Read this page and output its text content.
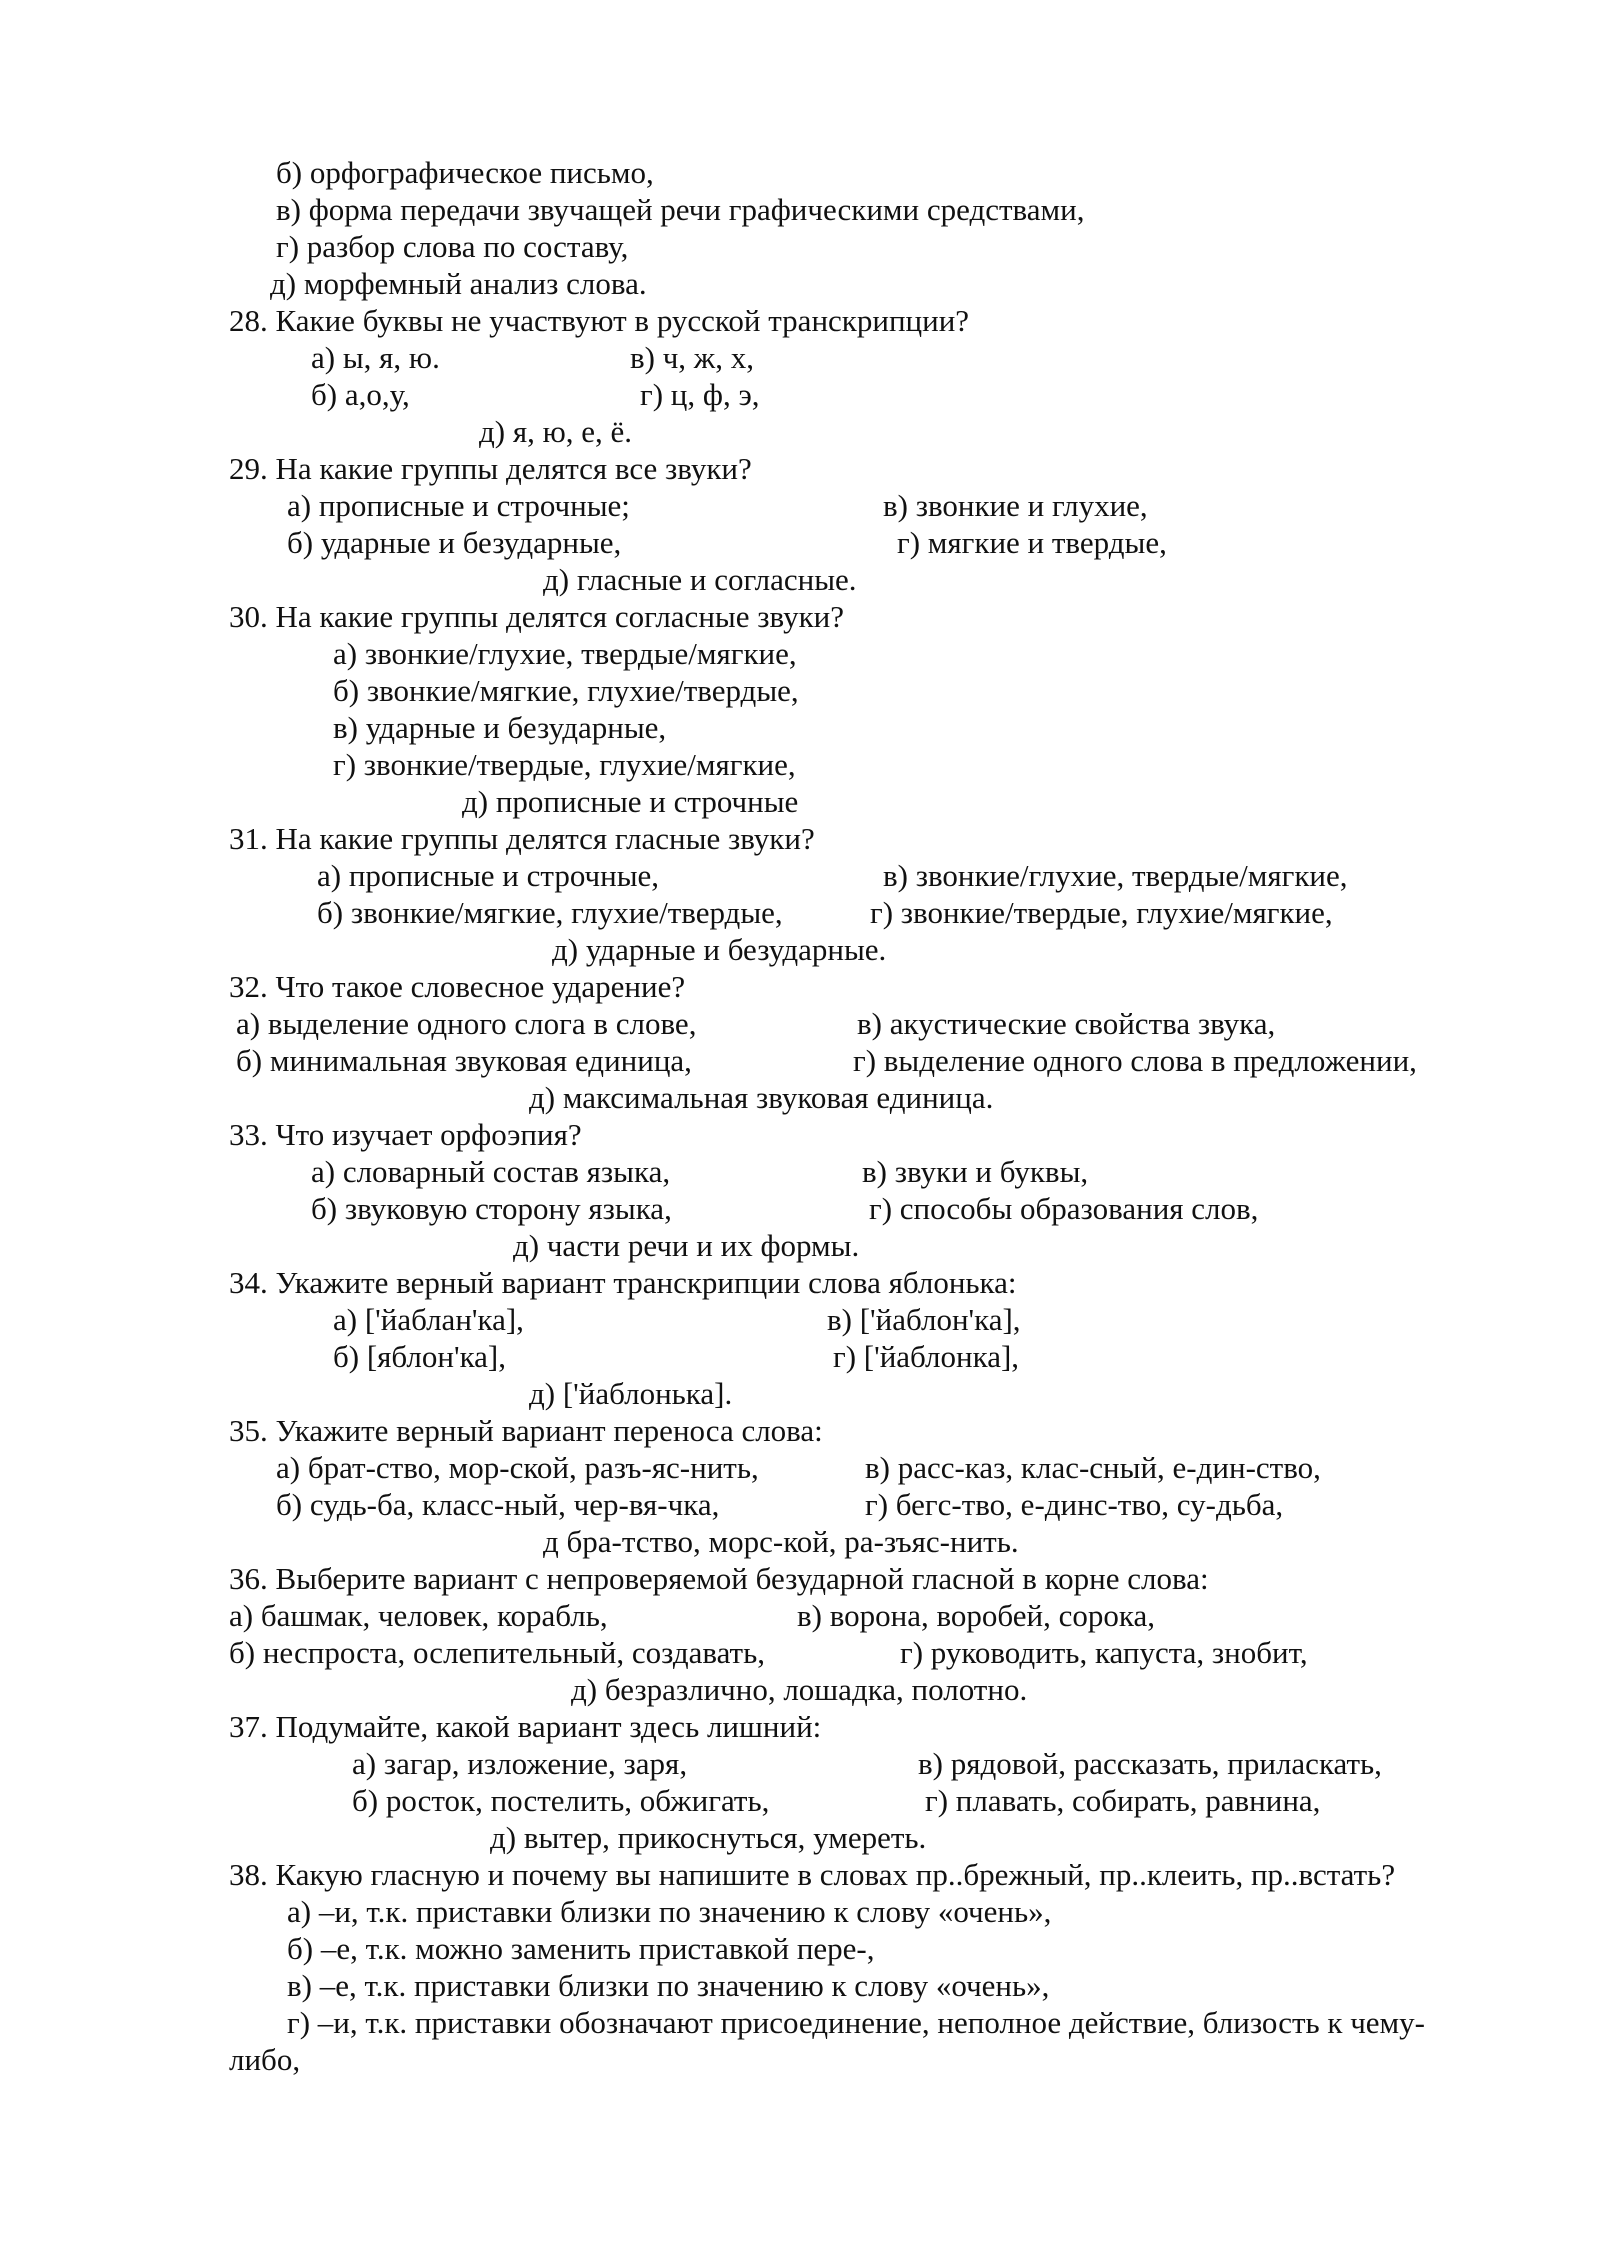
б) орфографическое письмо,
в) форма передачи звучащей речи графическими средствами,
г) разбор слова по составу,
д) морфемный анализ слова.
28. Какие буквы не участвуют в русской транскрипции?
а) ы, я, ю.	в) ч, ж, х,
б) а,о,у,	г) ц, ф, э,
д) я, ю, е, ё.
29. На какие группы делятся все звуки?
а) прописные и строчные;	в) звонкие и глухие,
б) ударные и безударные,	г) мягкие и твердые,
д) гласные и согласные.
30. На какие группы делятся согласные звуки?
а) звонкие/глухие, твердые/мягкие,
б) звонкие/мягкие, глухие/твердые,
в) ударные и безударные,
г) звонкие/твердые, глухие/мягкие,
д) прописные и строчные
31. На какие группы делятся гласные звуки?
а) прописные и строчные,	в) звонкие/глухие, твердые/мягкие,
б) звонкие/мягкие, глухие/твердые,	г) звонкие/твердые, глухие/мягкие,
д) ударные и безударные.
32. Что такое словесное ударение?
а) выделение одного слога в слове,	в) акустические свойства звука,
б) минимальная звуковая единица,	г) выделение одного слова в предложении,
д) максимальная звуковая единица.
33. Что изучает орфоэпия?
а) словарный состав языка,	в) звуки и буквы,
б) звуковую сторону языка,	г) способы образования слов,
д) части речи и их формы.
34. Укажите верный вариант транскрипции слова яблонька:
а) ['йаблан'ка],	в) ['йаблон'ка],
б) [яблон'ка],	г) ['йаблонка],
д) ['йаблонька].
35. Укажите верный вариант переноса слова:
а) брат-ство, мор-ской, разъ-яс-нить,	в) расс-каз, клас-сный, е-дин-ство,
б) судь-ба, класс-ный, чер-вя-чка,	г) бегс-тво, е-динс-тво, су-дьба,
д бра-тство, морс-кой, ра-зъяс-нить.
36. Выберите вариант с непроверяемой безударной гласной в корне слова:
а) башмак, человек, корабль,	в) ворона, воробей, сорока,
б) неспроста, ослепительный, создавать,	г) руководить, капуста, знобит,
д) безразлично, лошадка, полотно.
37. Подумайте, какой вариант здесь лишний:
а) загар, изложение, заря,	в) рядовой, рассказать, приласкать,
б) росток, постелить, обжигать,	г) плавать, собирать, равнина,
д) вытер, прикоснуться, умереть.
38. Какую гласную и почему вы напишите в словах пр..брежный, пр..клеить, пр..встать?
а) –и, т.к. приставки близки по значению к слову «очень»,
б) –е, т.к. можно заменить приставкой пере-,
в) –е, т.к. приставки близки по значению к слову «очень»,
г) –и, т.к. приставки обозначают присоединение, неполное действие, близость к чему-
либо,
